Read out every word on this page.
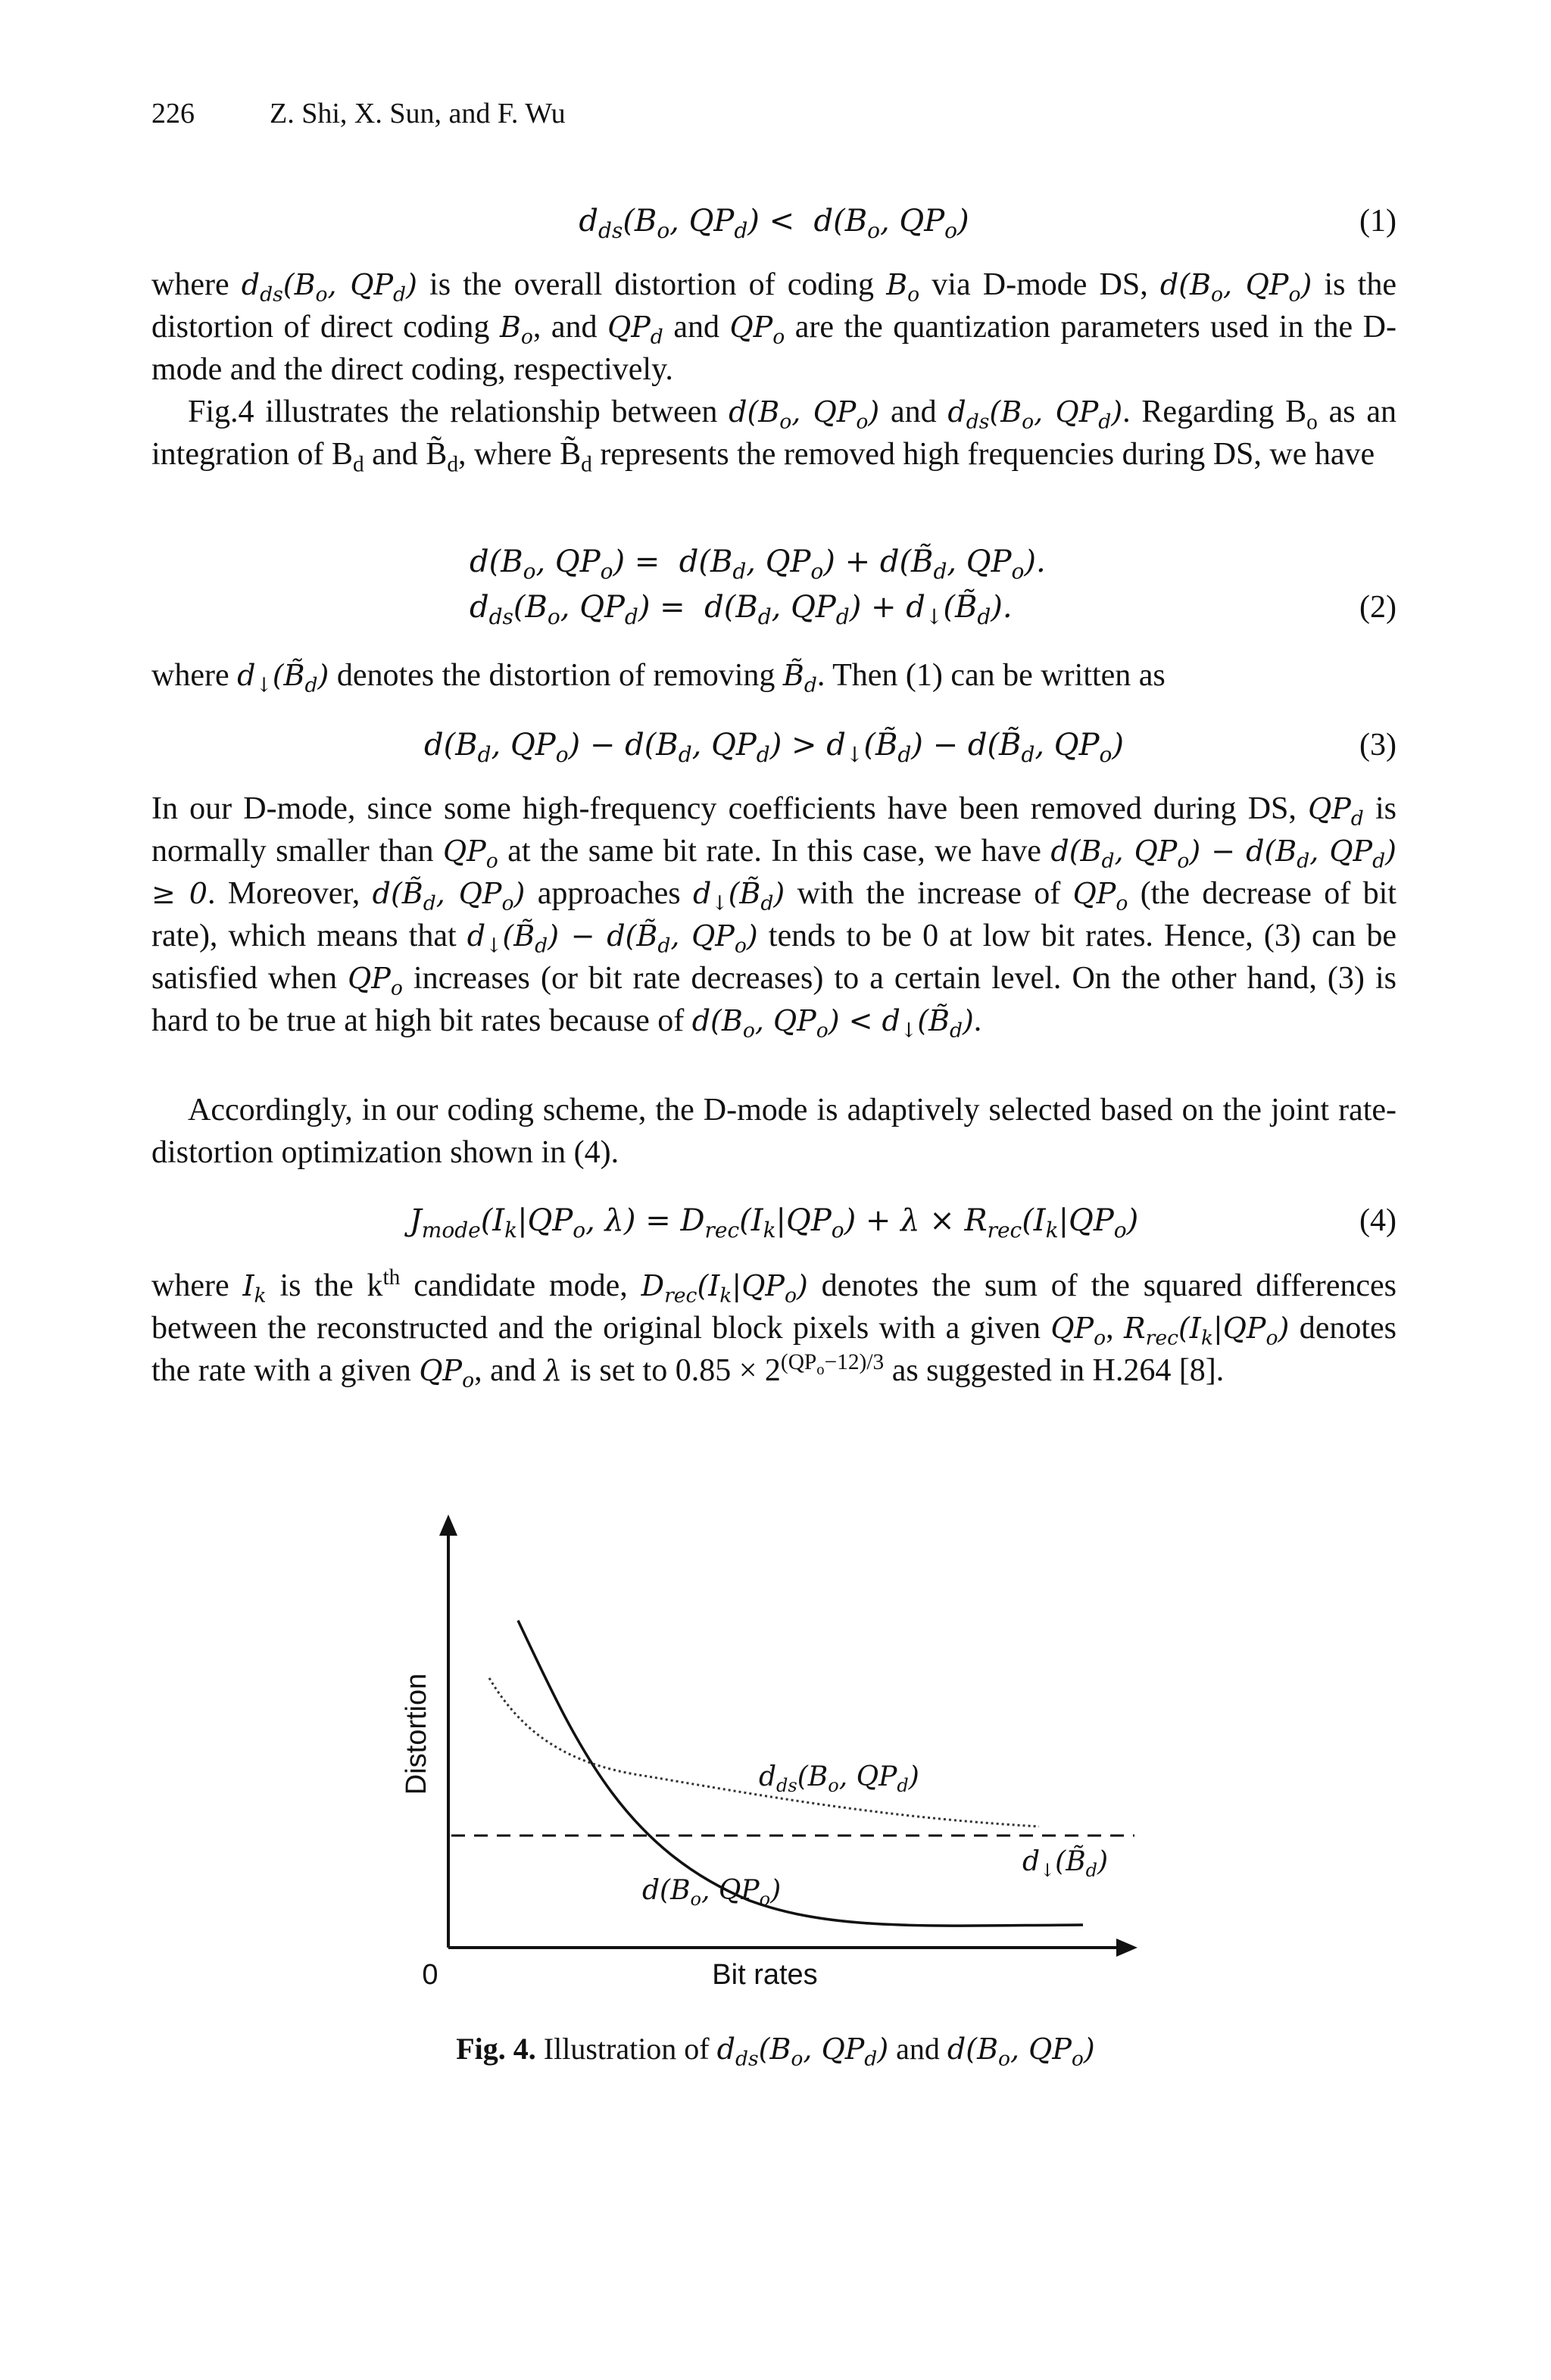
226	Z. Shi, X. Sun, and F. Wu
$d_{ds}(B_o$, $QP_d) < d(B_o$, $QP_o$)	(1)

where $d_{ds}(B_o$, $QP_d$) is the overall distortion of coding $B_o$ via D-mode DS, $d(B_o$, $QP_o$) is the distortion of direct coding $B_o$, and $QP_d$ and $QP_o$ are the quantization parameters used in the D-mode and the direct coding, respectively.

Fig.4 illustrates the relationship between $d(B_o$, $QP_o$) and $d_{ds}(B_o$, $QP_d$). Regarding $B_o$ as an integration of $B_d$ and $B̃_d$, where $B̃_d$ represents the removed high frequencies during DS, we have

$d(B_o$, $QP_o) = d(B_d$, $QP_o$) + $d(B̃_d$, $QP_o$).
$d_{ds}(B_o$, $QP_d) = d(B_d$, $QP_d$) + $d_↓(B̃_d)$.	(2)

where $d_↓(B̃_d)$ denotes the distortion of removing $B̃_d$. Then (1) can be written as

$d(B_d$, $QP_o) - d(B_d$, $QP_d$) > $d_↓(B̃_d)$ − $d(B̃_d$, $QP_o$)	(3)

In our D-mode, since some high-frequency coefficients have been removed during DS, $QP_d$ is normally smaller than $QP_o$ at the same bit rate. In this case, we have $d(B_d$, $QP_o) - d(B_d$, $QP_d) \ge 0$. Moreover, $d(B̃_d$, $QP_o$) approaches $d_↓(B̃_d)$ with the increase of $QP_o$ (the decrease of bit rate), which means that $d_↓(B̃_d)$ − $d(B̃_d$, $QP_o$) tends to be 0 at low bit rates. Hence, (3) can be satisfied when $QP_o$ increases (or bit rate decreases) to a certain level. On the other hand, (3) is hard to be true at high bit rates because of $d(B_o$, $QP_o$) < $d_↓(B̃_d)$.

Accordingly, in our coding scheme, the D-mode is adaptively selected based on the joint rate-distortion optimization shown in (4).

$J_{mode}(I_k|QP_o$, $\lambda) = D_{rec}(I_k|QP_o) + \lambda \times R_{rec}(I_k|QP_o)$	(4)

where $I_k$ is the $k^{th}$ candidate mode, $D_{rec}(I_k|QP_o)$ denotes the sum of the squared differences between the reconstructed and the original block pixels with a given $QP_o$, $R_{rec}(I_k|QP_o)$ denotes the rate with a given $QP_o$, and λ is set to $0.85 \times 2^{(QP_o-12)/3}$ as suggested in H.264 [8].

Distortion
Bit rates
0
$d_{ds}(B_o$, $QP_d$)
$d_↓(B̃_d)$
$d(B_o$, $QP_o$)
Fig. 4. Illustration of $d_{ds}(B_o$, $QP_d$) and $d(B_o$, $QP_o$)
